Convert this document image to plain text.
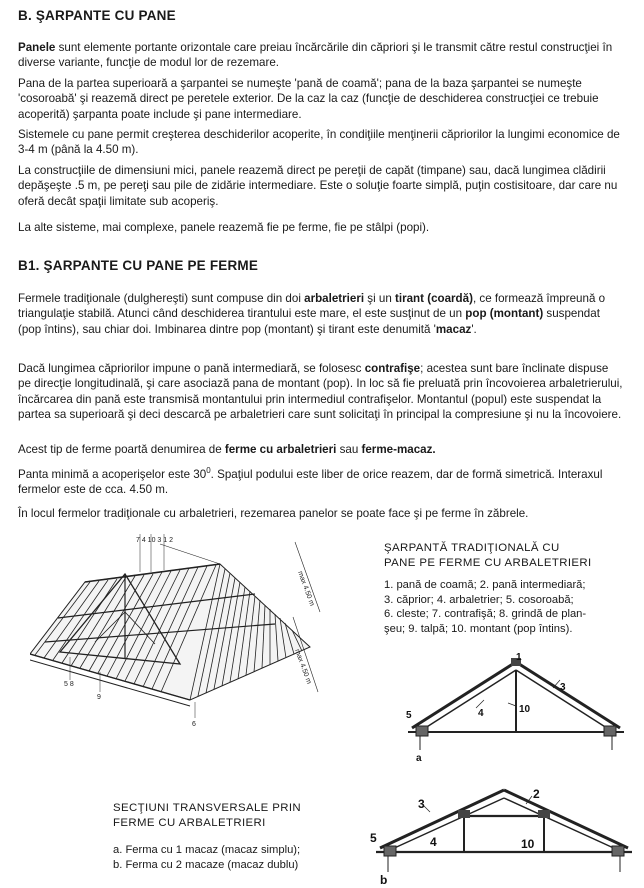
B. ŞARPANTE CU PANE

Panele sunt elemente portante orizontale care preiau încărcările din căpriori şi le transmit către restul construcţiei în diverse variante, funcţie de modul lor de rezemare.

Pana de la partea superioară a şarpantei se numeşte 'pană de coamă'; pana de la baza şarpantei se numeşte 'cosoroabă' şi reazemă direct pe peretele exterior. De la caz la caz (funcţie de deschiderea construcţiei ce trebuie acoperită) şarpanta poate include şi pane intermediare.

Sistemele cu pane permit creşterea deschiderilor acoperite, în condiţiile menţinerii căpriorilor la lungimi economice de 3-4 m (până la 4.50 m).

La construcţiile de dimensiuni mici, panele reazemă direct pe pereţii de capăt (timpane) sau, dacă lungimea clădirii depăşeşte .5 m, pe pereţi sau pile de zidărie intermediare. Este o soluţie foarte simplă, puţin costisitoare, dar care nu oferă decât spaţii limitate sub acoperiş.

La alte sisteme, mai complexe, panele reazemă fie pe ferme, fie pe stâlpi (popi).

B1. ŞARPANTE CU PANE PE FERME

Fermele tradiţionale (dulghereşti) sunt compuse din doi arbaletrieri şi un tirant (coardă), ce formează împreună o triangulaţie stabilă. Atunci când deschiderea tirantului este mare, el este susţinut de un pop (montant) suspendat (pop întins), sau chiar doi. Imbinarea dintre pop (montant) şi tirant este denumită 'macaz'.

Dacă lungimea căpriorilor impune o pană intermediară, se folosesc contrafişe; acestea sunt bare înclinate dispuse pe direcţie longitudinală, şi care asociază pana de montant (pop). In loc să fie preluată prin încovoierea arbaletrierului, încărcarea din pană este transmisă montantului prin intermediul contrafişelor. Montantul (popul) este suspendat la partea sa superioară şi deci descarcă pe arbaletrieri care sunt solicitaţi în principal la compresiune şi nu la încovoiere.

Acest tip de ferme poartă denumirea de ferme cu arbaletrieri sau ferme-macaz.

Panta minimă a acoperişelor este $30^0$. Spaţiul podului este liber de orice reazem, dar de formă simetrică. Interaxul fermelor este de cca. 4.50 m.

În locul fermelor tradiţionale cu arbaletrieri, rezemarea panelor se poate face şi pe ferme în zăbrele.

7 4 10 3 1 2
max 4.50 m
max 4.50 m
5 8
9
6
ŞARPANTĂ TRADIŢIONALĂ CU
PANE PE FERME CU ARBALETRIERI
1. pană de coamă; 2. pană intermediară;
3. căprior; 4. arbaletrier; 5. cosoroabă;
6. cleste; 7. contrafişă; 8. grindă de plan-
şeu; 9. talpă; 10. montant (pop întins).
1
3
4
5
10
a
SECŢIUNI TRANSVERSALE PRIN
FERME CU ARBALETRIERI
a. Ferma cu 1 macaz (macaz simplu);
b. Ferma cu 2 macaze (macaz dublu)
3
2
4
5	10
b
